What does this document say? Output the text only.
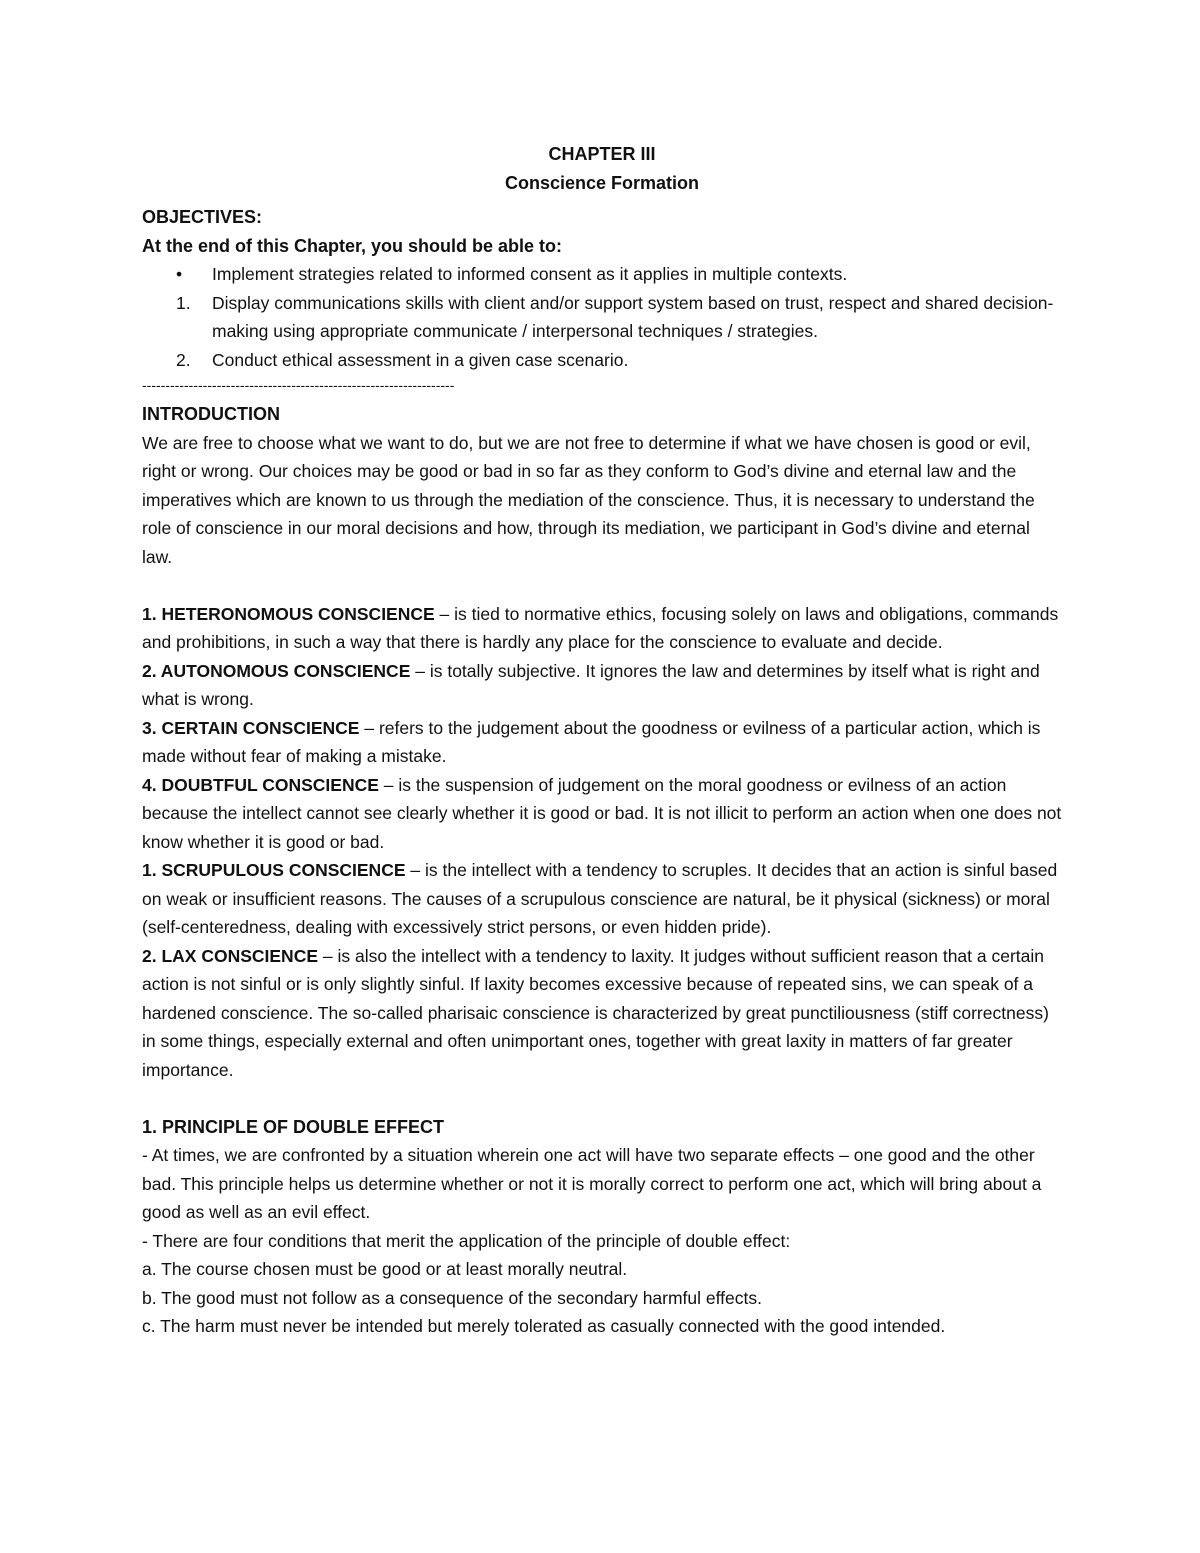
CHAPTER III

Conscience Formation

OBJECTIVES:

At the end of this Chapter, you should be able to:

• Implement strategies related to informed consent as it applies in multiple contexts.
1. Display communications skills with client and/or support system based on trust, respect and shared decision-making using appropriate communicate / interpersonal techniques / strategies.
2. Conduct ethical assessment in a given case scenario.

-------------------------------------------------------------------

INTRODUCTION

We are free to choose what we want to do, but we are not free to determine if what we have chosen is good or evil, right or wrong. Our choices may be good or bad in so far as they conform to God’s divine and eternal law and the imperatives which are known to us through the mediation of the conscience. Thus, it is necessary to understand the role of conscience in our moral decisions and how, through its mediation, we participant in God’s divine and eternal law.

1. HETERONOMOUS CONSCIENCE – is tied to normative ethics, focusing solely on laws and obligations, commands and prohibitions, in such a way that there is hardly any place for the conscience to evaluate and decide.

2. AUTONOMOUS CONSCIENCE – is totally subjective. It ignores the law and determines by itself what is right and what is wrong.

3. CERTAIN CONSCIENCE – refers to the judgement about the goodness or evilness of a particular action, which is made without fear of making a mistake.

4. DOUBTFUL CONSCIENCE – is the suspension of judgement on the moral goodness or evilness of an action because the intellect cannot see clearly whether it is good or bad. It is not illicit to perform an action when one does not know whether it is good or bad.

1. SCRUPULOUS CONSCIENCE – is the intellect with a tendency to scruples. It decides that an action is sinful based on weak or insufficient reasons. The causes of a scrupulous conscience are natural, be it physical (sickness) or moral (self-centeredness, dealing with excessively strict persons, or even hidden pride).

2. LAX CONSCIENCE – is also the intellect with a tendency to laxity. It judges without sufficient reason that a certain action is not sinful or is only slightly sinful. If laxity becomes excessive because of repeated sins, we can speak of a hardened conscience. The so-called pharisaic conscience is characterized by great punctiliousness (stiff correctness) in some things, especially external and often unimportant ones, together with great laxity in matters of far greater importance.

1. PRINCIPLE OF DOUBLE EFFECT

- At times, we are confronted by a situation wherein one act will have two separate effects – one good and the other bad. This principle helps us determine whether or not it is morally correct to perform one act, which will bring about a good as well as an evil effect.

- There are four conditions that merit the application of the principle of double effect:

a. The course chosen must be good or at least morally neutral.

b. The good must not follow as a consequence of the secondary harmful effects.

c. The harm must never be intended but merely tolerated as casually connected with the good intended.
